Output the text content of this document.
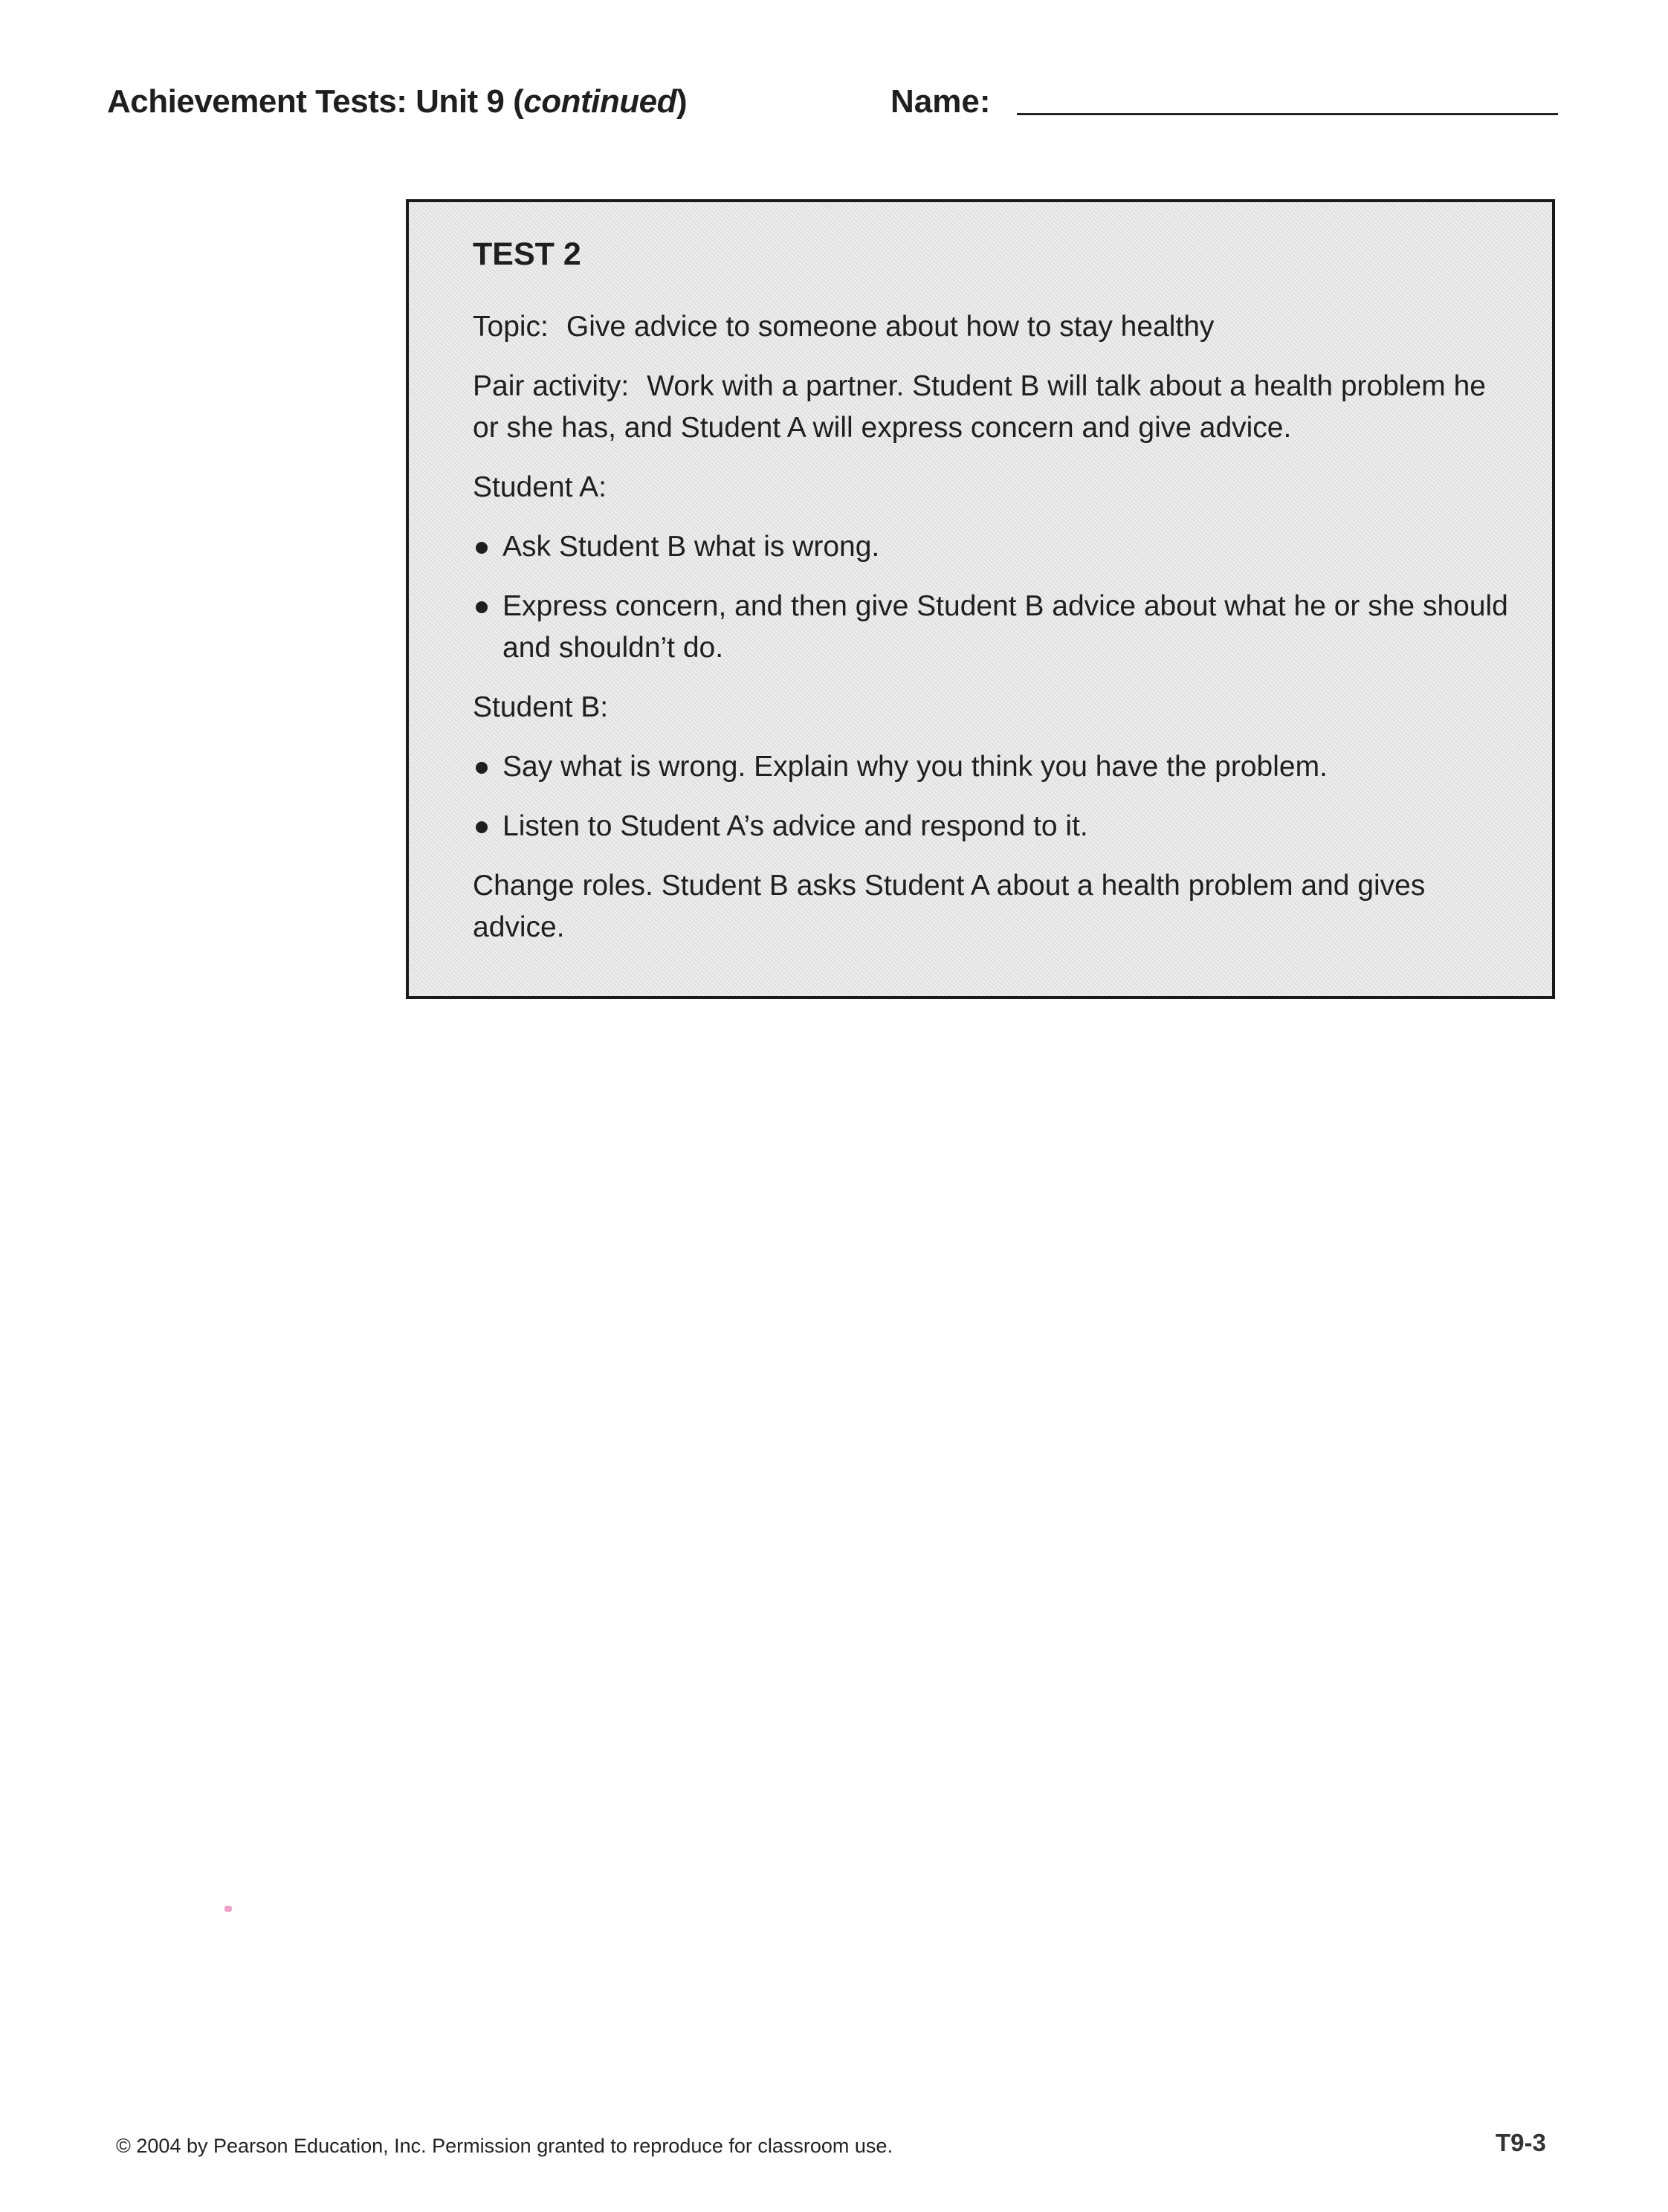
Achievement Tests: Unit 9 (continued)	Name:
TEST 2
Topic: Give advice to someone about how to stay healthy
Pair activity: Work with a partner. Student B will talk about a health problem he or she has, and Student A will express concern and give advice.
Student A:
Ask Student B what is wrong.
Express concern, and then give Student B advice about what he or she should and shouldn’t do.
Student B:
Say what is wrong. Explain why you think you have the problem.
Listen to Student A’s advice and respond to it.
Change roles. Student B asks Student A about a health problem and gives advice.
© 2004 by Pearson Education, Inc. Permission granted to reproduce for classroom use.	T9-3
